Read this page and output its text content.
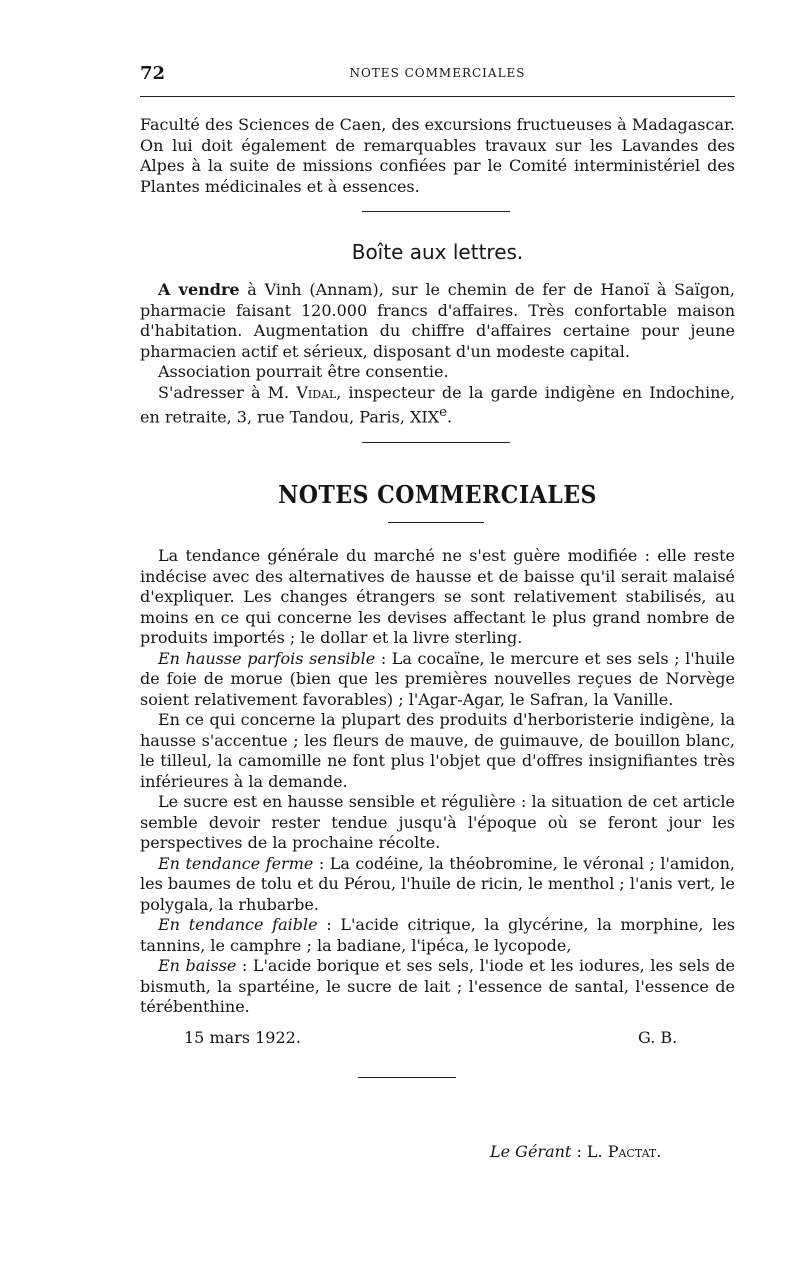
72	NOTES COMMERCIALES

Faculté des Sciences de Caen, des excursions fructueuses à Madagascar. On lui doit également de remarquables travaux sur les Lavandes des Alpes à la suite de missions confiées par le Comité interministériel des Plantes médicinales et à essences.

Boîte aux lettres.

A vendre à Vinh (Annam), sur le chemin de fer de Hanoï à Saïgon, pharmacie faisant 120.000 francs d'affaires. Très confortable maison d'habitation. Augmentation du chiffre d'affaires certaine pour jeune pharmacien actif et sérieux, disposant d'un modeste capital.

Association pourrait être consentie.

S'adresser à M. Vidal, inspecteur de la garde indigène en Indochine, en retraite, 3, rue Tandou, Paris, XIXe.

NOTES COMMERCIALES

La tendance générale du marché ne s'est guère modifiée : elle reste indécise avec des alternatives de hausse et de baisse qu'il serait malaisé d'expliquer. Les changes étrangers se sont relativement stabilisés, au moins en ce qui concerne les devises affectant le plus grand nombre de produits importés ; le dollar et la livre sterling.

En hausse parfois sensible : La cocaïne, le mercure et ses sels ; l'huile de foie de morue (bien que les premières nouvelles reçues de Norvège soient relativement favorables) ; l'Agar-Agar, le Safran, la Vanille.

En ce qui concerne la plupart des produits d'herboristerie indigène, la hausse s'accentue ; les fleurs de mauve, de guimauve, de bouillon blanc, le tilleul, la camomille ne font plus l'objet que d'offres insignifiantes très inférieures à la demande.

Le sucre est en hausse sensible et régulière : la situation de cet article semble devoir rester tendue jusqu'à l'époque où se feront jour les perspectives de la prochaine récolte.

En tendance ferme : La codéine, la théobromine, le véronal ; l'amidon, les baumes de tolu et du Pérou, l'huile de ricin, le menthol ; l'anis vert, le polygala, la rhubarbe.

En tendance faible : L'acide citrique, la glycérine, la morphine, les tannins, le camphre ; la badiane, l'ipéca, le lycopode,

En baisse : L'acide borique et ses sels, l'iode et les iodures, les sels de bismuth, la spartéine, le sucre de lait ; l'essence de santal, l'essence de térébenthine.

15 mars 1922.	G. B.
Le Gérant : L. Pactat.
